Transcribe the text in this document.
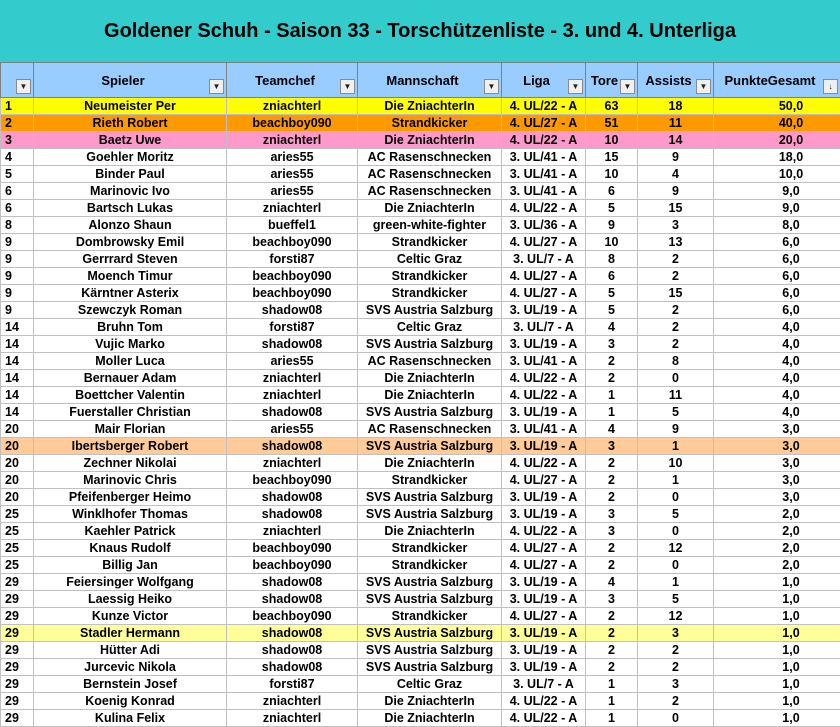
Goldener Schuh - Saison 33 - Torschützenliste - 3. und 4. Unterliga
▼	Spieler ▼	Teamchef ▼	Mannschaft ▼	Liga ▼	Tore ▼	Assists ▼	PunkteGesamt ↓

1	Neumeister Per	zniachterl	Die ZniachterIn	4. UL/22 - A	63	18	50,0
2	Rieth Robert	beachboy090	Strandkicker	4. UL/27 - A	51	11	40,0
3	Baetz Uwe	zniachterl	Die ZniachterIn	4. UL/22 - A	10	14	20,0
4	Goehler Moritz	aries55	AC Rasenschnecken	3. UL/41 - A	15	9	18,0
5	Binder Paul	aries55	AC Rasenschnecken	3. UL/41 - A	10	4	10,0
6	Marinovic Ivo	aries55	AC Rasenschnecken	3. UL/41 - A	6	9	9,0
6	Bartsch Lukas	zniachterl	Die ZniachterIn	4. UL/22 - A	5	15	9,0
8	Alonzo Shaun	bueffel1	green-white-fighter	3. UL/36 - A	9	3	8,0
9	Dombrowsky Emil	beachboy090	Strandkicker	4. UL/27 - A	10	13	6,0
9	Gerrrard Steven	forsti87	Celtic Graz	3. UL/7 - A	8	2	6,0
9	Moench Timur	beachboy090	Strandkicker	4. UL/27 - A	6	2	6,0
9	Kärntner Asterix	beachboy090	Strandkicker	4. UL/27 - A	5	15	6,0
9	Szewczyk Roman	shadow08	SVS Austria Salzburg	3. UL/19 - A	5	2	6,0
14	Bruhn Tom	forsti87	Celtic Graz	3. UL/7 - A	4	2	4,0
14	Vujic Marko	shadow08	SVS Austria Salzburg	3. UL/19 - A	3	2	4,0
14	Moller Luca	aries55	AC Rasenschnecken	3. UL/41 - A	2	8	4,0
14	Bernauer Adam	zniachterl	Die ZniachterIn	4. UL/22 - A	2	0	4,0
14	Boettcher Valentin	zniachterl	Die ZniachterIn	4. UL/22 - A	1	11	4,0
14	Fuerstaller Christian	shadow08	SVS Austria Salzburg	3. UL/19 - A	1	5	4,0
20	Mair Florian	aries55	AC Rasenschnecken	3. UL/41 - A	4	9	3,0
20	Ibertsberger Robert	shadow08	SVS Austria Salzburg	3. UL/19 - A	3	1	3,0
20	Zechner Nikolai	zniachterl	Die ZniachterIn	4. UL/22 - A	2	10	3,0
20	Marinovic Chris	beachboy090	Strandkicker	4. UL/27 - A	2	1	3,0
20	Pfeifenberger Heimo	shadow08	SVS Austria Salzburg	3. UL/19 - A	2	0	3,0
25	Winklhofer Thomas	shadow08	SVS Austria Salzburg	3. UL/19 - A	3	5	2,0
25	Kaehler Patrick	zniachterl	Die ZniachterIn	4. UL/22 - A	3	0	2,0
25	Knaus Rudolf	beachboy090	Strandkicker	4. UL/27 - A	2	12	2,0
25	Billig Jan	beachboy090	Strandkicker	4. UL/27 - A	2	0	2,0
29	Feiersinger Wolfgang	shadow08	SVS Austria Salzburg	3. UL/19 - A	4	1	1,0
29	Laessig Heiko	shadow08	SVS Austria Salzburg	3. UL/19 - A	3	5	1,0
29	Kunze Victor	beachboy090	Strandkicker	4. UL/27 - A	2	12	1,0
29	Stadler Hermann	shadow08	SVS Austria Salzburg	3. UL/19 - A	2	3	1,0
29	Hütter Adi	shadow08	SVS Austria Salzburg	3. UL/19 - A	2	2	1,0
29	Jurcevic Nikola	shadow08	SVS Austria Salzburg	3. UL/19 - A	2	2	1,0
29	Bernstein Josef	forsti87	Celtic Graz	3. UL/7 - A	1	3	1,0
29	Koenig Konrad	zniachterl	Die ZniachterIn	4. UL/22 - A	1	2	1,0
29	Kulina Felix	zniachterl	Die ZniachterIn	4. UL/22 - A	1	0	1,0
